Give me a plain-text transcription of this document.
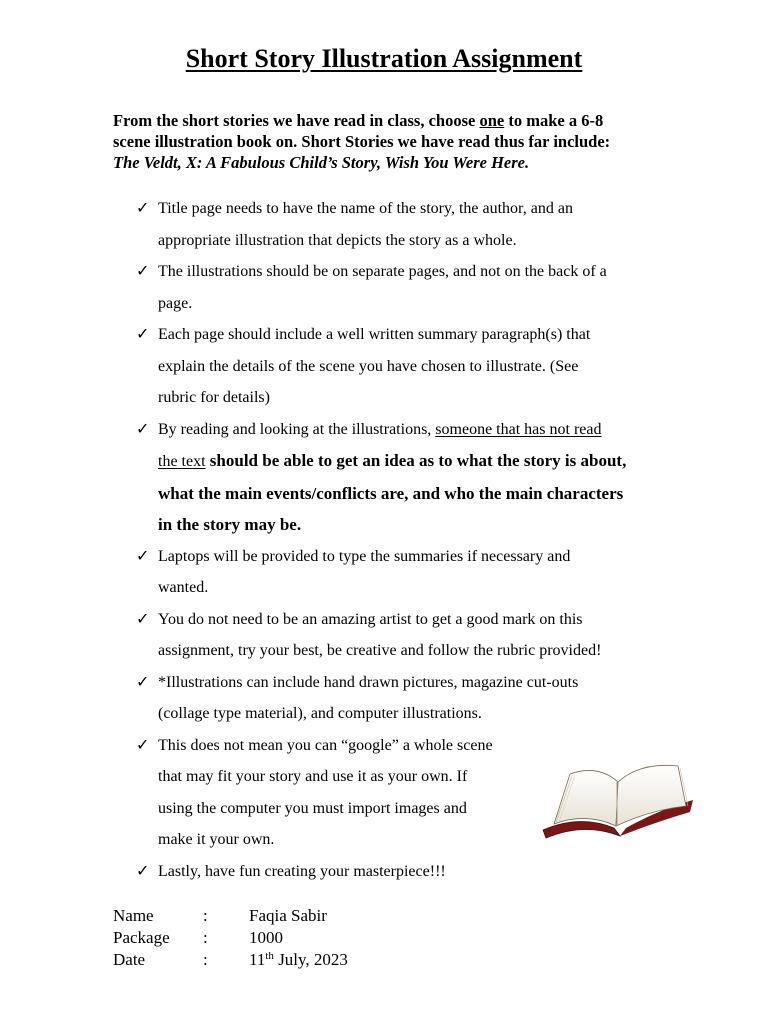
Short Story Illustration Assignment
From the short stories we have read in class, choose one to make a 6-8
scene illustration book on. Short Stories we have read thus far include:
The Veldt, X: A Fabulous Child’s Story, Wish You Were Here.
✓ Title page needs to have the name of the story, the author, and an
appropriate illustration that depicts the story as a whole.
✓ The illustrations should be on separate pages, and not on the back of a
page.
✓ Each page should include a well written summary paragraph(s) that
explain the details of the scene you have chosen to illustrate. (See
rubric for details)
✓ By reading and looking at the illustrations, someone that has not read
the text should be able to get an idea as to what the story is about,
what the main events/conflicts are, and who the main characters
in the story may be.
✓ Laptops will be provided to type the summaries if necessary and
wanted.
✓ You do not need to be an amazing artist to get a good mark on this
assignment, try your best, be creative and follow the rubric provided!
✓ *Illustrations can include hand drawn pictures, magazine cut-outs
(collage type material), and computer illustrations.
✓ This does not mean you can “google” a whole scene
that may fit your story and use it as your own. If
using the computer you must import images and
make it your own.
✓ Lastly, have fun creating your masterpiece!!!
Name	: Faqia Sabir
Package : 1000
Date	: 11th July, 2023
